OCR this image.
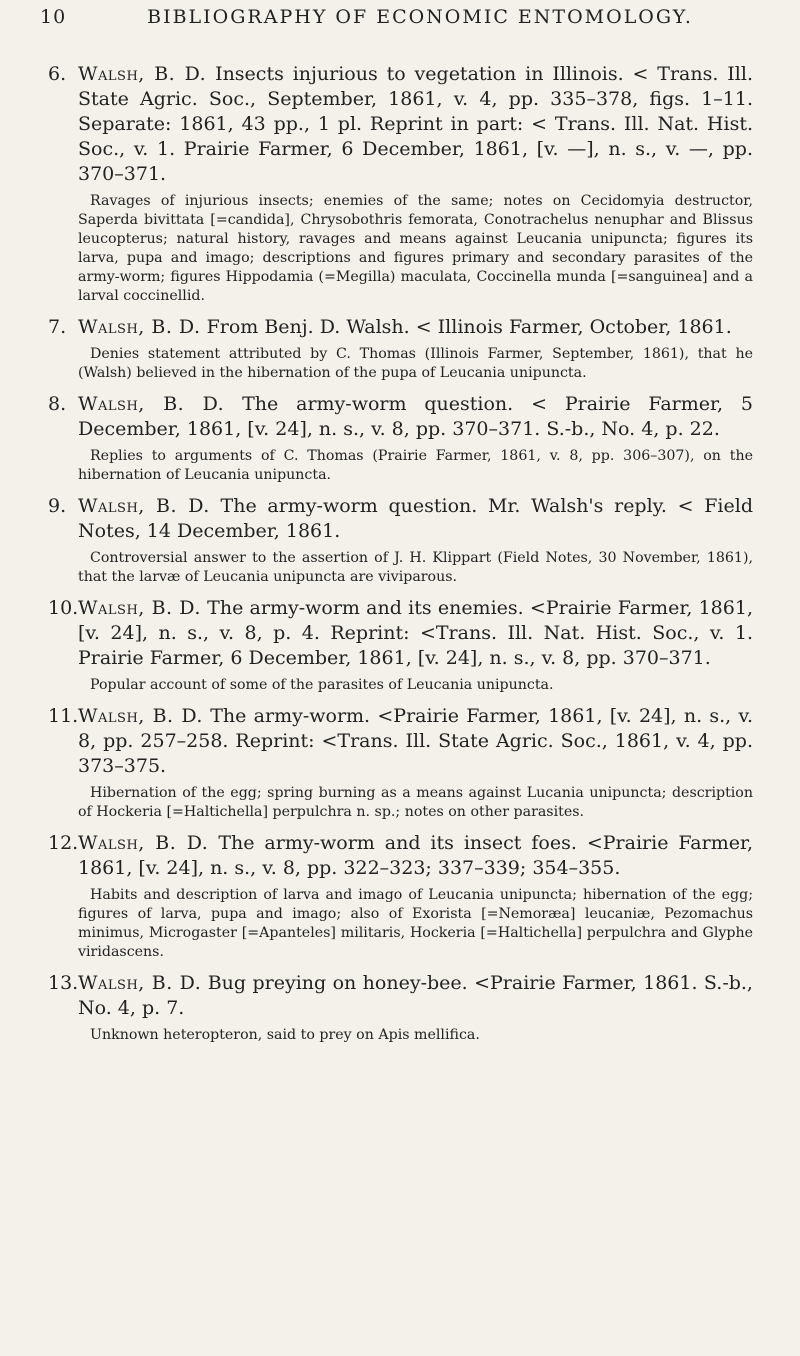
10	BIBLIOGRAPHY OF ECONOMIC ENTOMOLOGY.
6. Walsh, B. D. Insects injurious to vegetation in Illinois. < Trans. Ill. State Agric. Soc., September, 1861, v. 4, pp. 335–378, figs. 1–11. Separate: 1861, 43 pp., 1 pl. Reprint in part: < Trans. Ill. Nat. Hist. Soc., v. 1. Prairie Farmer, 6 December, 1861, [v. —], n. s., v. —, pp. 370–371.
Ravages of injurious insects; enemies of the same; notes on Cecidomyia destructor, Saperda bivittata [=candida], Chrysobothris femorata, Conotrachelus nenuphar and Blissus leucopterus; natural history, ravages and means against Leucania unipuncta; figures its larva, pupa and imago; descriptions and figures primary and secondary parasites of the army-worm; figures Hippodamia (=Megilla) maculata, Coccinella munda [=sanguinea] and a larval coccinellid.
7. Walsh, B. D. From Benj. D. Walsh. < Illinois Farmer, October, 1861.
Denies statement attributed by C. Thomas (Illinois Farmer, September, 1861), that he (Walsh) believed in the hibernation of the pupa of Leucania unipuncta.
8. Walsh, B. D. The army-worm question. < Prairie Farmer, 5 December, 1861, [v. 24], n. s., v. 8, pp. 370–371. S.-b., No. 4, p. 22.
Replies to arguments of C. Thomas (Prairie Farmer, 1861, v. 8, pp. 306–307), on the hibernation of Leucania unipuncta.
9. Walsh, B. D. The army-worm question. Mr. Walsh's reply. < Field Notes, 14 December, 1861.
Controversial answer to the assertion of J. H. Klippart (Field Notes, 30 November, 1861), that the larvæ of Leucania unipuncta are viviparous.
10.Walsh, B. D. The army-worm and its enemies. <Prairie Farmer, 1861, [v. 24], n. s., v. 8, p. 4. Reprint: <Trans. Ill. Nat. Hist. Soc., v. 1. Prairie Farmer, 6 December, 1861, [v. 24], n. s., v. 8, pp. 370–371.
Popular account of some of the parasites of Leucania unipuncta.
11.Walsh, B. D. The army-worm. <Prairie Farmer, 1861, [v. 24], n. s., v. 8, pp. 257–258. Reprint: <Trans. Ill. State Agric. Soc., 1861, v. 4, pp. 373–375.
Hibernation of the egg; spring burning as a means against Lucania unipuncta; description of Hockeria [=Haltichella] perpulchra n. sp.; notes on other parasites.
12.Walsh, B. D. The army-worm and its insect foes. <Prairie Farmer, 1861, [v. 24], n. s., v. 8, pp. 322–323; 337–339; 354–355.
Habits and description of larva and imago of Leucania unipuncta; hibernation of the egg; figures of larva, pupa and imago; also of Exorista [=Nemoræa] leucaniæ, Pezomachus minimus, Microgaster [=Apanteles] militaris, Hockeria [=Haltichella] perpulchra and Glyphe viridascens.
13.Walsh, B. D. Bug preying on honey-bee. <Prairie Farmer, 1861. S.-b., No. 4, p. 7.
Unknown heteropteron, said to prey on Apis mellifica.
